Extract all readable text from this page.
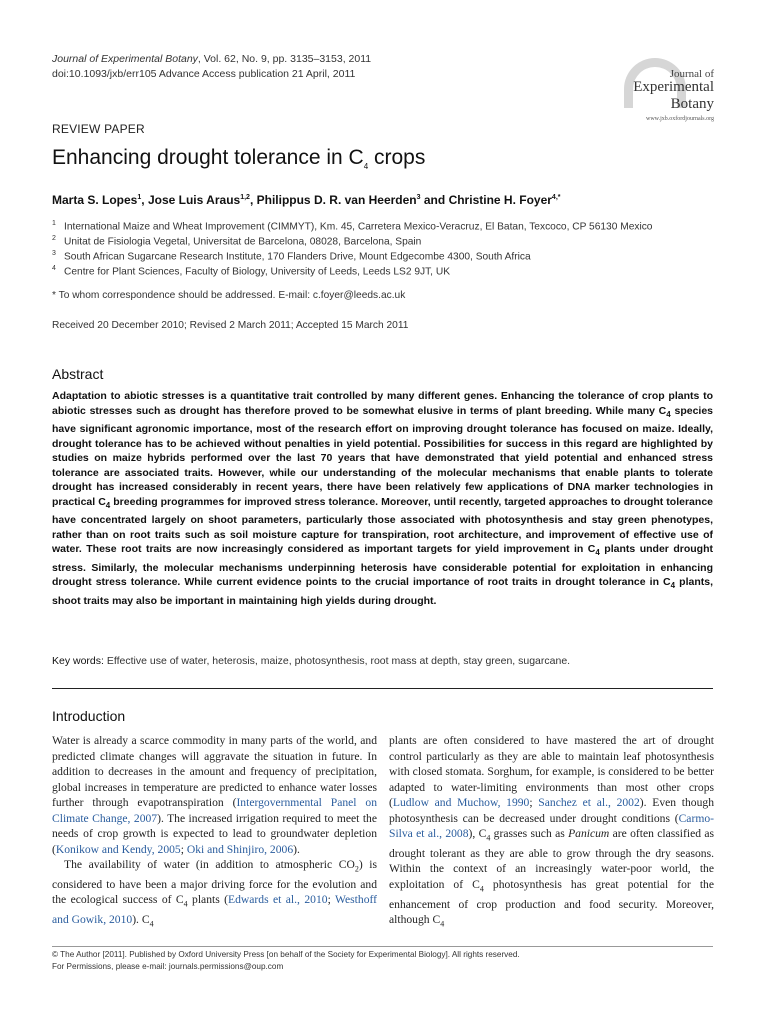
Journal of Experimental Botany, Vol. 62, No. 9, pp. 3135–3153, 2011
doi:10.1093/jxb/err105 Advance Access publication 21 April, 2011	Journal of
Experimental
Botany
www.jxb.oxfordjournals.org
REVIEW PAPER
Enhancing drought tolerance in $C_4$ crops
Marta S. Lopes$^1$, Jose Luis Araus$^{1,2}$, Philippus D. R. van Heerden$^3$ and Christine H. Foyer$^{4,*}$
1 International Maize and Wheat Improvement (CIMMYT), Km. 45, Carretera Mexico-Veracruz, El Batan, Texcoco, CP 56130 Mexico
2 Unitat de Fisiologia Vegetal, Universitat de Barcelona, 08028, Barcelona, Spain
3 South African Sugarcane Research Institute, 170 Flanders Drive, Mount Edgecombe 4300, South Africa
4 Centre for Plant Sciences, Faculty of Biology, University of Leeds, Leeds LS2 9JT, UK
* To whom correspondence should be addressed. E-mail: c.foyer@leeds.ac.uk
Received 20 December 2010; Revised 2 March 2011; Accepted 15 March 2011
Abstract
Adaptation to abiotic stresses is a quantitative trait controlled by many different genes. Enhancing the tolerance of crop plants to abiotic stresses such as drought has therefore proved to be somewhat elusive in terms of plant breeding. While many $C_4$ species have significant agronomic importance, most of the research effort on improving drought tolerance has focused on maize. Ideally, drought tolerance has to be achieved without penalties in yield potential. Possibilities for success in this regard are highlighted by studies on maize hybrids performed over the last 70 years that have demonstrated that yield potential and enhanced stress tolerance are associated traits. However, while our understanding of the molecular mechanisms that enable plants to tolerate drought has increased considerably in recent years, there have been relatively few applications of DNA marker technologies in practical $C_4$ breeding programmes for improved stress tolerance. Moreover, until recently, targeted approaches to drought tolerance have concentrated largely on shoot parameters, particularly those associated with photosynthesis and stay green phenotypes, rather than on root traits such as soil moisture capture for transpiration, root architecture, and improvement of effective use of water. These root traits are now increasingly considered as important targets for yield improvement in $C_4$ plants under drought stress. Similarly, the molecular mechanisms underpinning heterosis have considerable potential for exploitation in enhancing drought stress tolerance. While current evidence points to the crucial importance of root traits in drought tolerance in $C_4$ plants, shoot traits may also be important in maintaining high yields during drought.
Key words: Effective use of water, heterosis, maize, photosynthesis, root mass at depth, stay green, sugarcane.
Introduction

Water is already a scarce commodity in many parts of the world, and predicted climate changes will aggravate the situation in future. In addition to decreases in the amount and frequency of precipitation, global increases in temperature are predicted to enhance water losses further through evapotranspiration (Intergovernmental Panel on Climate Change, 2007). The increased irrigation required to meet the needs of crop growth is expected to lead to groundwater depletion (Konikow and Kendy, 2005; Oki and Shinjiro, 2006).

The availability of water (in addition to atmospheric $CO_2$) is considered to have been a major driving force for the evolution and the ecological success of $C_4$ plants (Edwards et al., 2010; Westhoff and Gowik, 2010). $C_4$

plants are often considered to have mastered the art of drought control particularly as they are able to maintain leaf photosynthesis with closed stomata. Sorghum, for example, is considered to be better adapted to water-limiting environments than most other crops (Ludlow and Muchow, 1990; Sanchez et al., 2002). Even though photosynthesis can be decreased under drought conditions (Carmo-Silva et al., 2008), $C_4$ grasses such as Panicum are often classified as drought tolerant as they are able to grow through the dry seasons. Within the context of an increasingly water-poor world, the exploitation of $C_4$ photosynthesis has great potential for the enhancement of crop production and food security. Moreover, although $C_4$

© The Author [2011]. Published by Oxford University Press [on behalf of the Society for Experimental Biology]. All rights reserved.
For Permissions, please e-mail: journals.permissions@oup.com
